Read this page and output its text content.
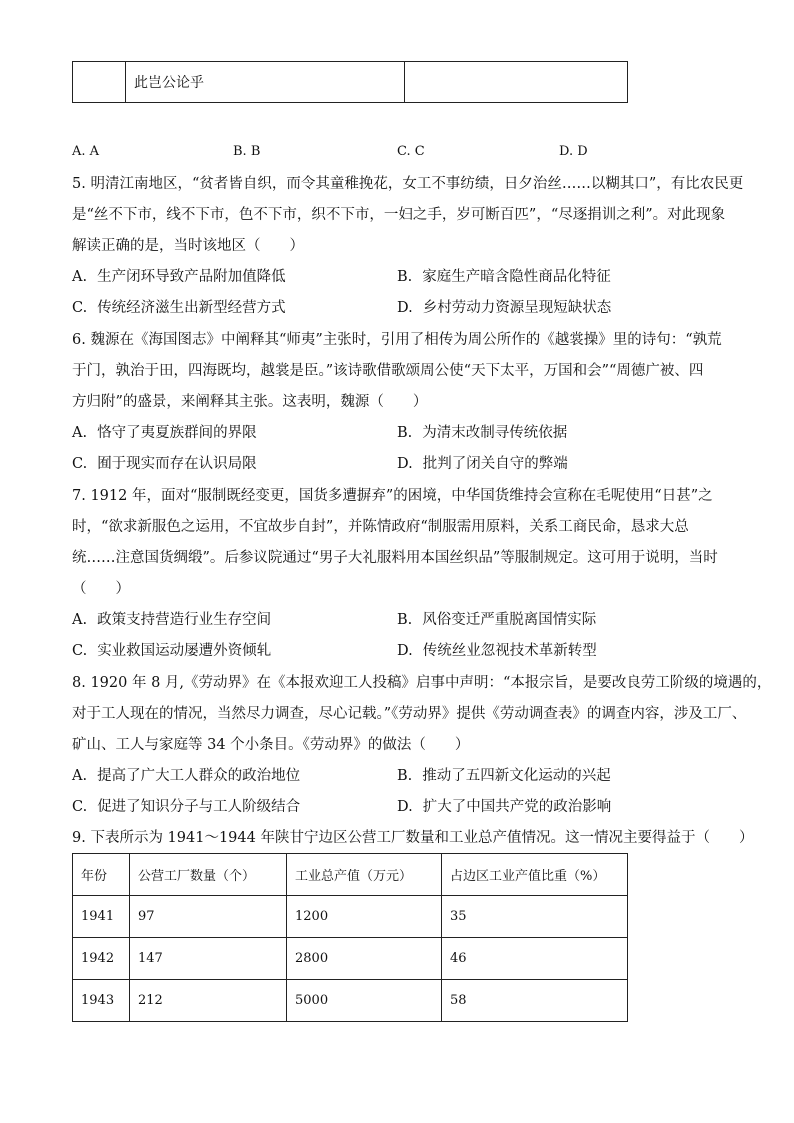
	此岂公论乎	
A. A	B. B	C. C	D. D
5. 明清江南地区，“贫者皆自织，而令其童稚挽花，女工不事纺绩，日夕治丝……以糊其口”，有比农民更
是“丝不下市，线不下市，色不下市，织不下市，一妇之手，岁可断百匹”，“尽逐捐训之利”。对此现象
解读正确的是，当时该地区（　　）
A. 生产闭环导致产品附加值降低	B. 家庭生产暗含隐性商品化特征
C. 传统经济滋生出新型经营方式	D. 乡村劳动力资源呈现短缺状态
6. 魏源在《海国图志》中阐释其“师夷”主张时，引用了相传为周公所作的《越裳操》里的诗句：“孰荒
于门，孰治于田，四海既均，越裳是臣。”该诗歌借歌颂周公使“天下太平，万国和会”“周德广被、四
方归附”的盛景，来阐释其主张。这表明，魏源（　　）
A. 恪守了夷夏族群间的界限	B. 为清末改制寻传统依据
C. 囿于现实而存在认识局限	D. 批判了闭关自守的弊端
7. 1912 年，面对“服制既经变更，国货多遭摒弃”的困境，中华国货维持会宣称在毛呢使用“日甚”之
时，“欲求新服色之运用，不宜故步自封”，并陈情政府“制服需用原料，关系工商民命，恳求大总
统……注意国货绸缎”。后参议院通过“男子大礼服料用本国丝织品”等服制规定。这可用于说明，当时
（　　）
A. 政策支持营造行业生存空间	B. 风俗变迁严重脱离国情实际
C. 实业救国运动屡遭外资倾轧	D. 传统丝业忽视技术革新转型
8. 1920 年 8 月,《劳动界》在《本报欢迎工人投稿》启事中声明：“本报宗旨，是要改良劳工阶级的境遇的，
对于工人现在的情况，当然尽力调查，尽心记载。”《劳动界》提供《劳动调查表》的调查内容，涉及工厂、
矿山、工人与家庭等 34 个小条目。《劳动界》的做法（　　）
A. 提高了广大工人群众的政治地位	B. 推动了五四新文化运动的兴起
C. 促进了知识分子与工人阶级结合	D. 扩大了中国共产党的政治影响
9. 下表所示为 1941～1944 年陕甘宁边区公营工厂数量和工业总产值情况。这一情况主要得益于（　　）
年份	公营工厂数量（个）	工业总产值（万元）	占边区工业产值比重（%）
1941	97	1200	35
1942	147	2800	46
1943	212	5000	58
